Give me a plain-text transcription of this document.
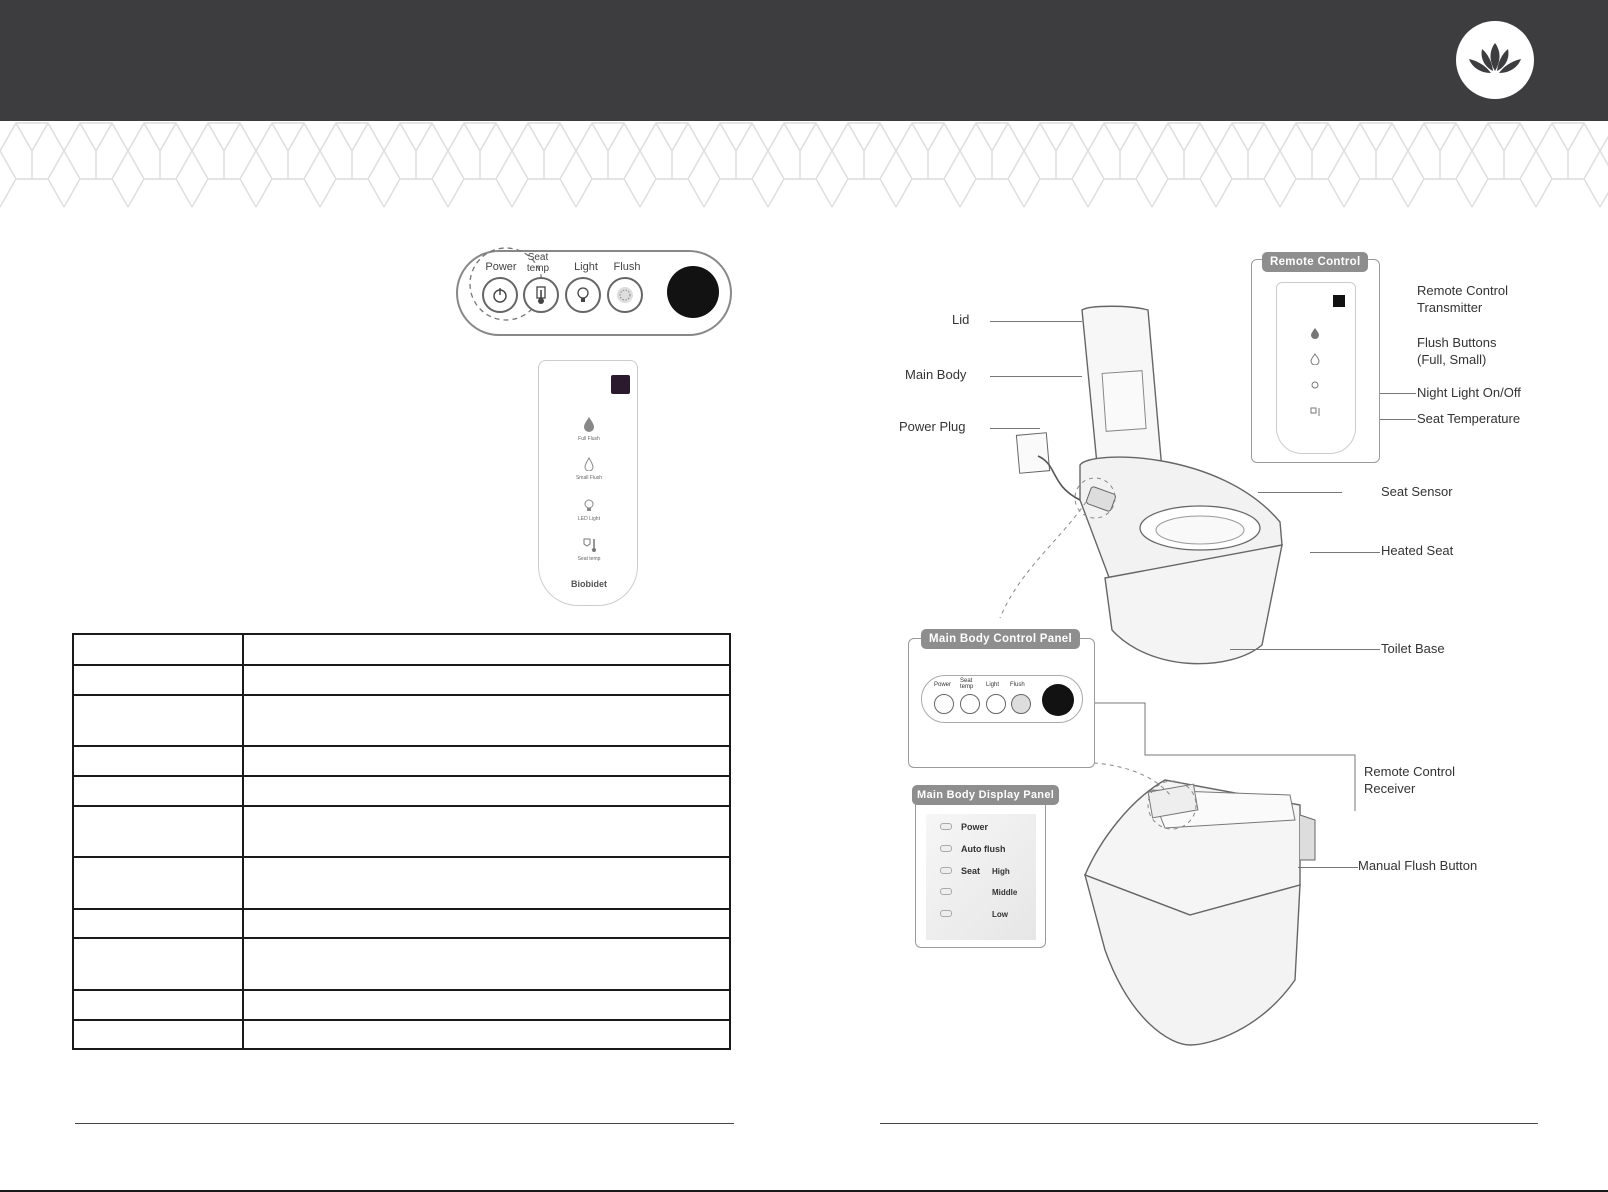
Power
Seat temp	Light	Flush
Full Flush
Small Flush
LED Light
Seat temp
Biobidet

Lid
Main Body
Power Plug
Remote Control
Transmitter
Flush Buttons
(Full, Small)
Night Light On/Off
Seat Temperature
Seat Sensor
Heated Seat
Toilet Base
Remote Control
Receiver
Manual Flush Button
Remote Control
Main Body Control Panel
Power
Seat temp	Light Flush
Main Body Display Panel
Power
Auto flush
Seat High
Middle
Low
